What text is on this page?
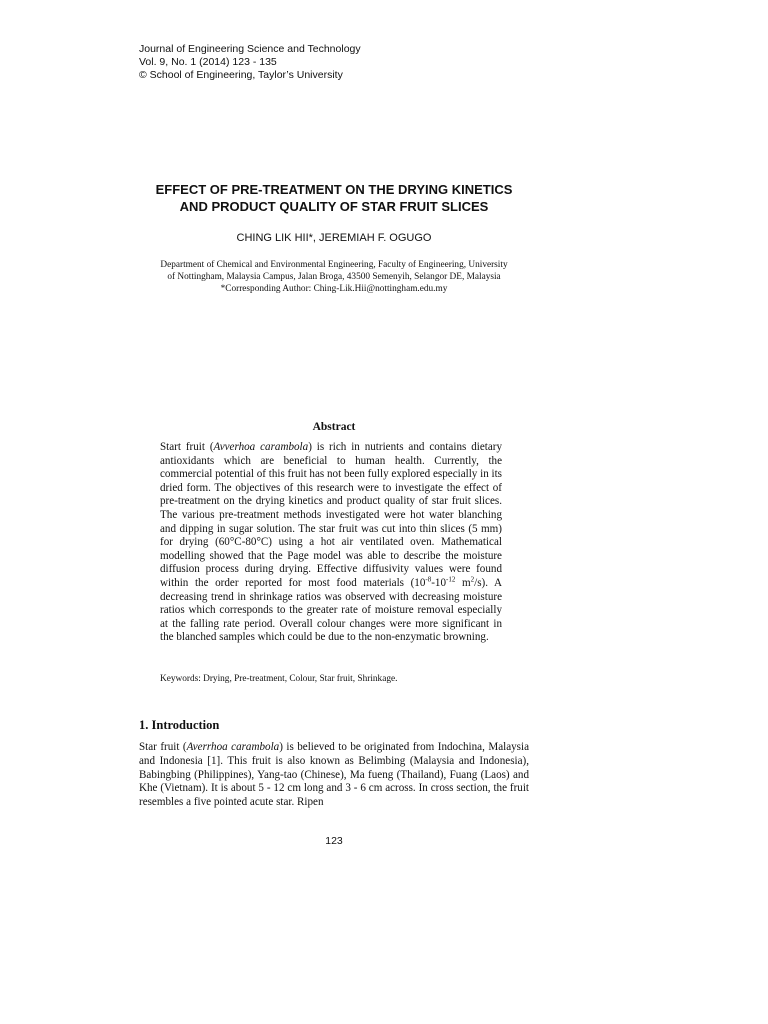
Journal of Engineering Science and Technology
Vol. 9, No. 1 (2014) 123 - 135
© School of Engineering, Taylor’s University
EFFECT OF PRE-TREATMENT ON THE DRYING KINETICS
AND PRODUCT QUALITY OF STAR FRUIT SLICES
CHING LIK HII*, JEREMIAH F. OGUGO
Department of Chemical and Environmental Engineering, Faculty of Engineering, University
of Nottingham, Malaysia Campus, Jalan Broga, 43500 Semenyih, Selangor DE, Malaysia
*Corresponding Author: Ching-Lik.Hii@nottingham.edu.my
Abstract

Start fruit (Avverhoa carambola) is rich in nutrients and contains dietary antioxidants which are beneficial to human health. Currently, the commercial potential of this fruit has not been fully explored especially in its dried form. The objectives of this research were to investigate the effect of pre-treatment on the drying kinetics and product quality of star fruit slices. The various pre-treatment methods investigated were hot water blanching and dipping in sugar solution. The star fruit was cut into thin slices (5 mm) for drying (60°C-80°C) using a hot air ventilated oven. Mathematical modelling showed that the Page model was able to describe the moisture diffusion process during drying. Effective diffusivity values were found within the order reported for most food materials ($10^{-8}-10^{-12}$ $m^2/s$). A decreasing trend in shrinkage ratios was observed with decreasing moisture ratios which corresponds to the greater rate of moisture removal especially at the falling rate period. Overall colour changes were more significant in the blanched samples which could be due to the non-enzymatic browning.

Keywords: Drying, Pre-treatment, Colour, Star fruit, Shrinkage.
1. Introduction

Star fruit (Averrhoa carambola) is believed to be originated from Indochina, Malaysia and Indonesia [1]. This fruit is also known as Belimbing (Malaysia and Indonesia), Babingbing (Philippines), Yang-tao (Chinese), Ma fueng (Thailand), Fuang (Laos) and Khe (Vietnam). It is about 5 - 12 cm long and 3 - 6 cm across. In cross section, the fruit resembles a five pointed acute star. Ripen

123
